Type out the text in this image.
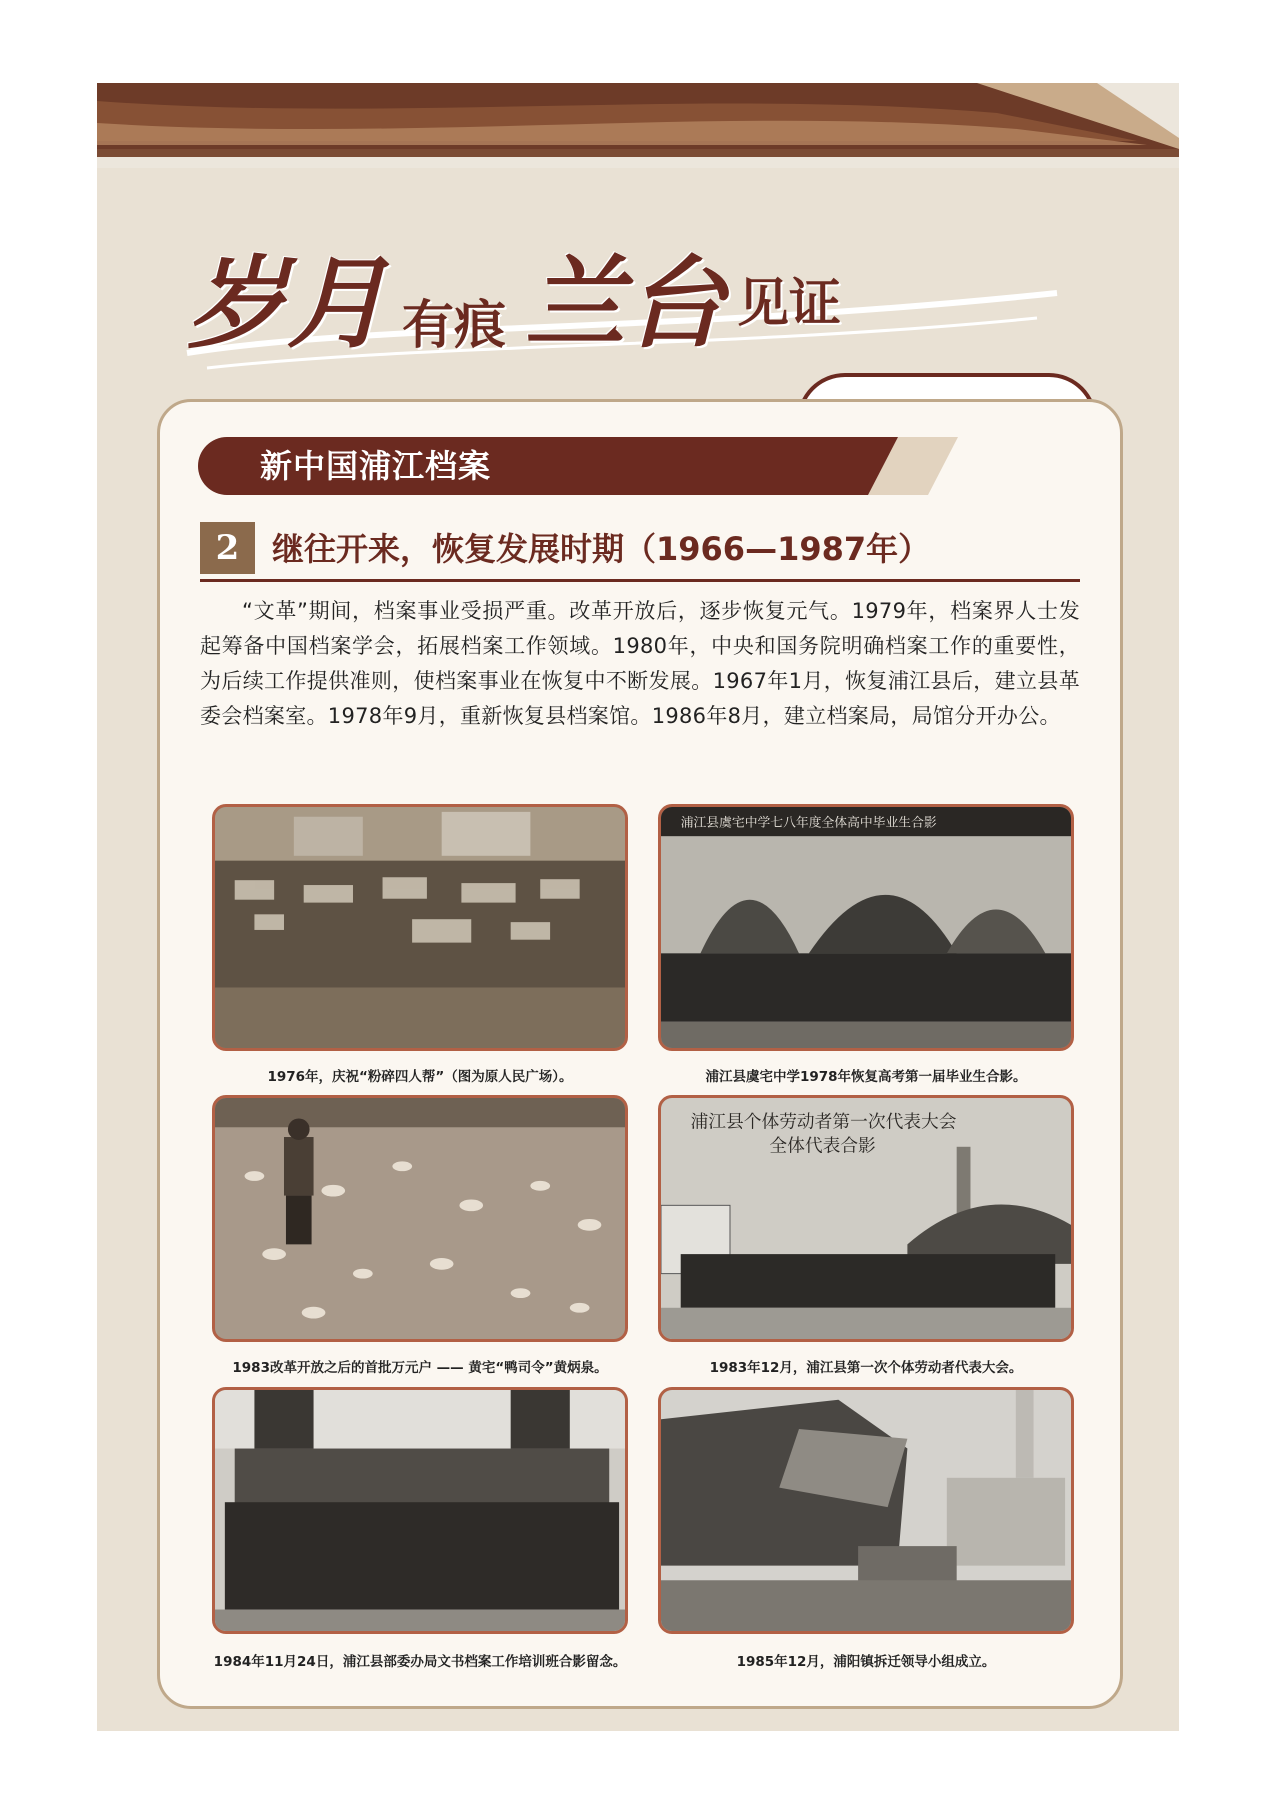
岁月 有痕 兰台 见证
新中国浦江档案
2	继往开来，恢复发展时期（1966—1987年）

“文革”期间，档案事业受损严重。改革开放后，逐步恢复元气。1979年，档案界人士发起筹备中国档案学会，拓展档案工作领域。1980年，中央和国务院明确档案工作的重要性，为后续工作提供准则，使档案事业在恢复中不断发展。1967年1月，恢复浦江县后，建立县革委会档案室。1978年9月，重新恢复县档案馆。1986年8月，建立档案局，局馆分开办公。

1976年，庆祝“粉碎四人帮”（图为原人民广场）。
浦江县虞宅中学七八年度全体高中毕业生合影
浦江县虞宅中学1978年恢复高考第一届毕业生合影。
1983改革开放之后的首批万元户 —— 黄宅“鸭司令”黄炳泉。
浦江县个体劳动者第一次代表大会
全体代表合影
1983年12月，浦江县第一次个体劳动者代表大会。
1984年11月24日，浦江县部委办局文书档案工作培训班合影留念。	1985年12月，浦阳镇拆迁领导小组成立。
